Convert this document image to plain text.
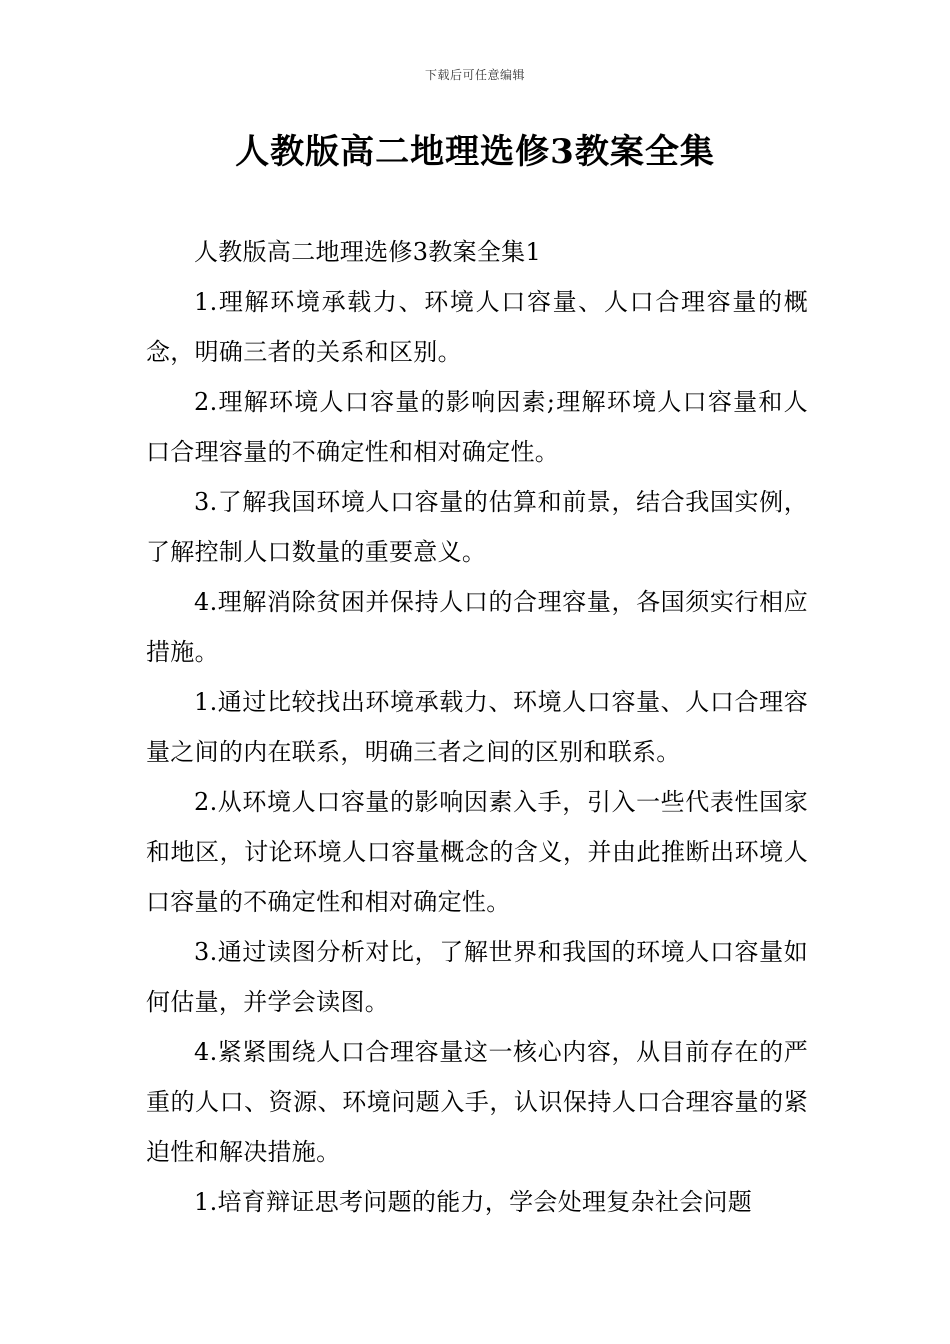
下载后可任意编辑
人教版高二地理选修3教案全集

人教版高二地理选修3教案全集1

1.理解环境承载力、环境人口容量、人口合理容量的概念，明确三者的关系和区别。

2.理解环境人口容量的影响因素;理解环境人口容量和人口合理容量的不确定性和相对确定性。

3.了解我国环境人口容量的估算和前景，结合我国实例，了解控制人口数量的重要意义。

4.理解消除贫困并保持人口的合理容量，各国须实行相应措施。

1.通过比较找出环境承载力、环境人口容量、人口合理容量之间的内在联系，明确三者之间的区别和联系。

2.从环境人口容量的影响因素入手，引入一些代表性国家和地区，讨论环境人口容量概念的含义，并由此推断出环境人口容量的不确定性和相对确定性。

3.通过读图分析对比，了解世界和我国的环境人口容量如何估量，并学会读图。

4.紧紧围绕人口合理容量这一核心内容，从目前存在的严重的人口、资源、环境问题入手，认识保持人口合理容量的紧迫性和解决措施。

1.培育辩证思考问题的能力，学会处理复杂社会问题
